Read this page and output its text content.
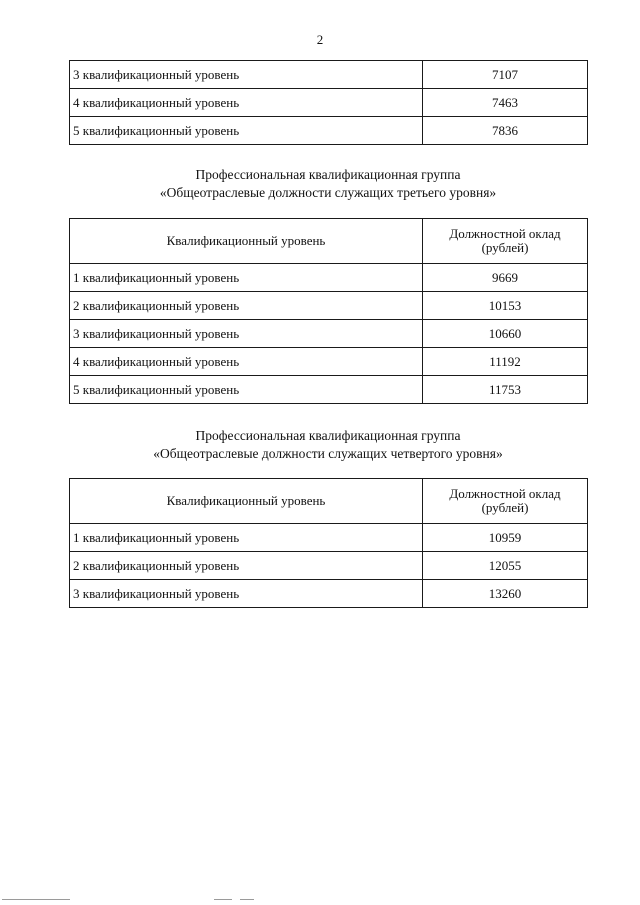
2
3 квалификационный уровень	7107
4 квалификационный уровень	7463
5 квалификационный уровень	7836
Профессиональная квалификационная группа
«Общеотраслевые должности служащих третьего уровня»
Квалификационный уровень	Должностной оклад
(рублей)

1 квалификационный уровень	9669
2 квалификационный уровень	10153
3 квалификационный уровень	10660
4 квалификационный уровень	11192
5 квалификационный уровень	11753
Профессиональная квалификационная группа
«Общеотраслевые должности служащих четвертого уровня»
Квалификационный уровень	Должностной оклад
(рублей)

1 квалификационный уровень	10959
2 квалификационный уровень	12055
3 квалификационный уровень	13260
